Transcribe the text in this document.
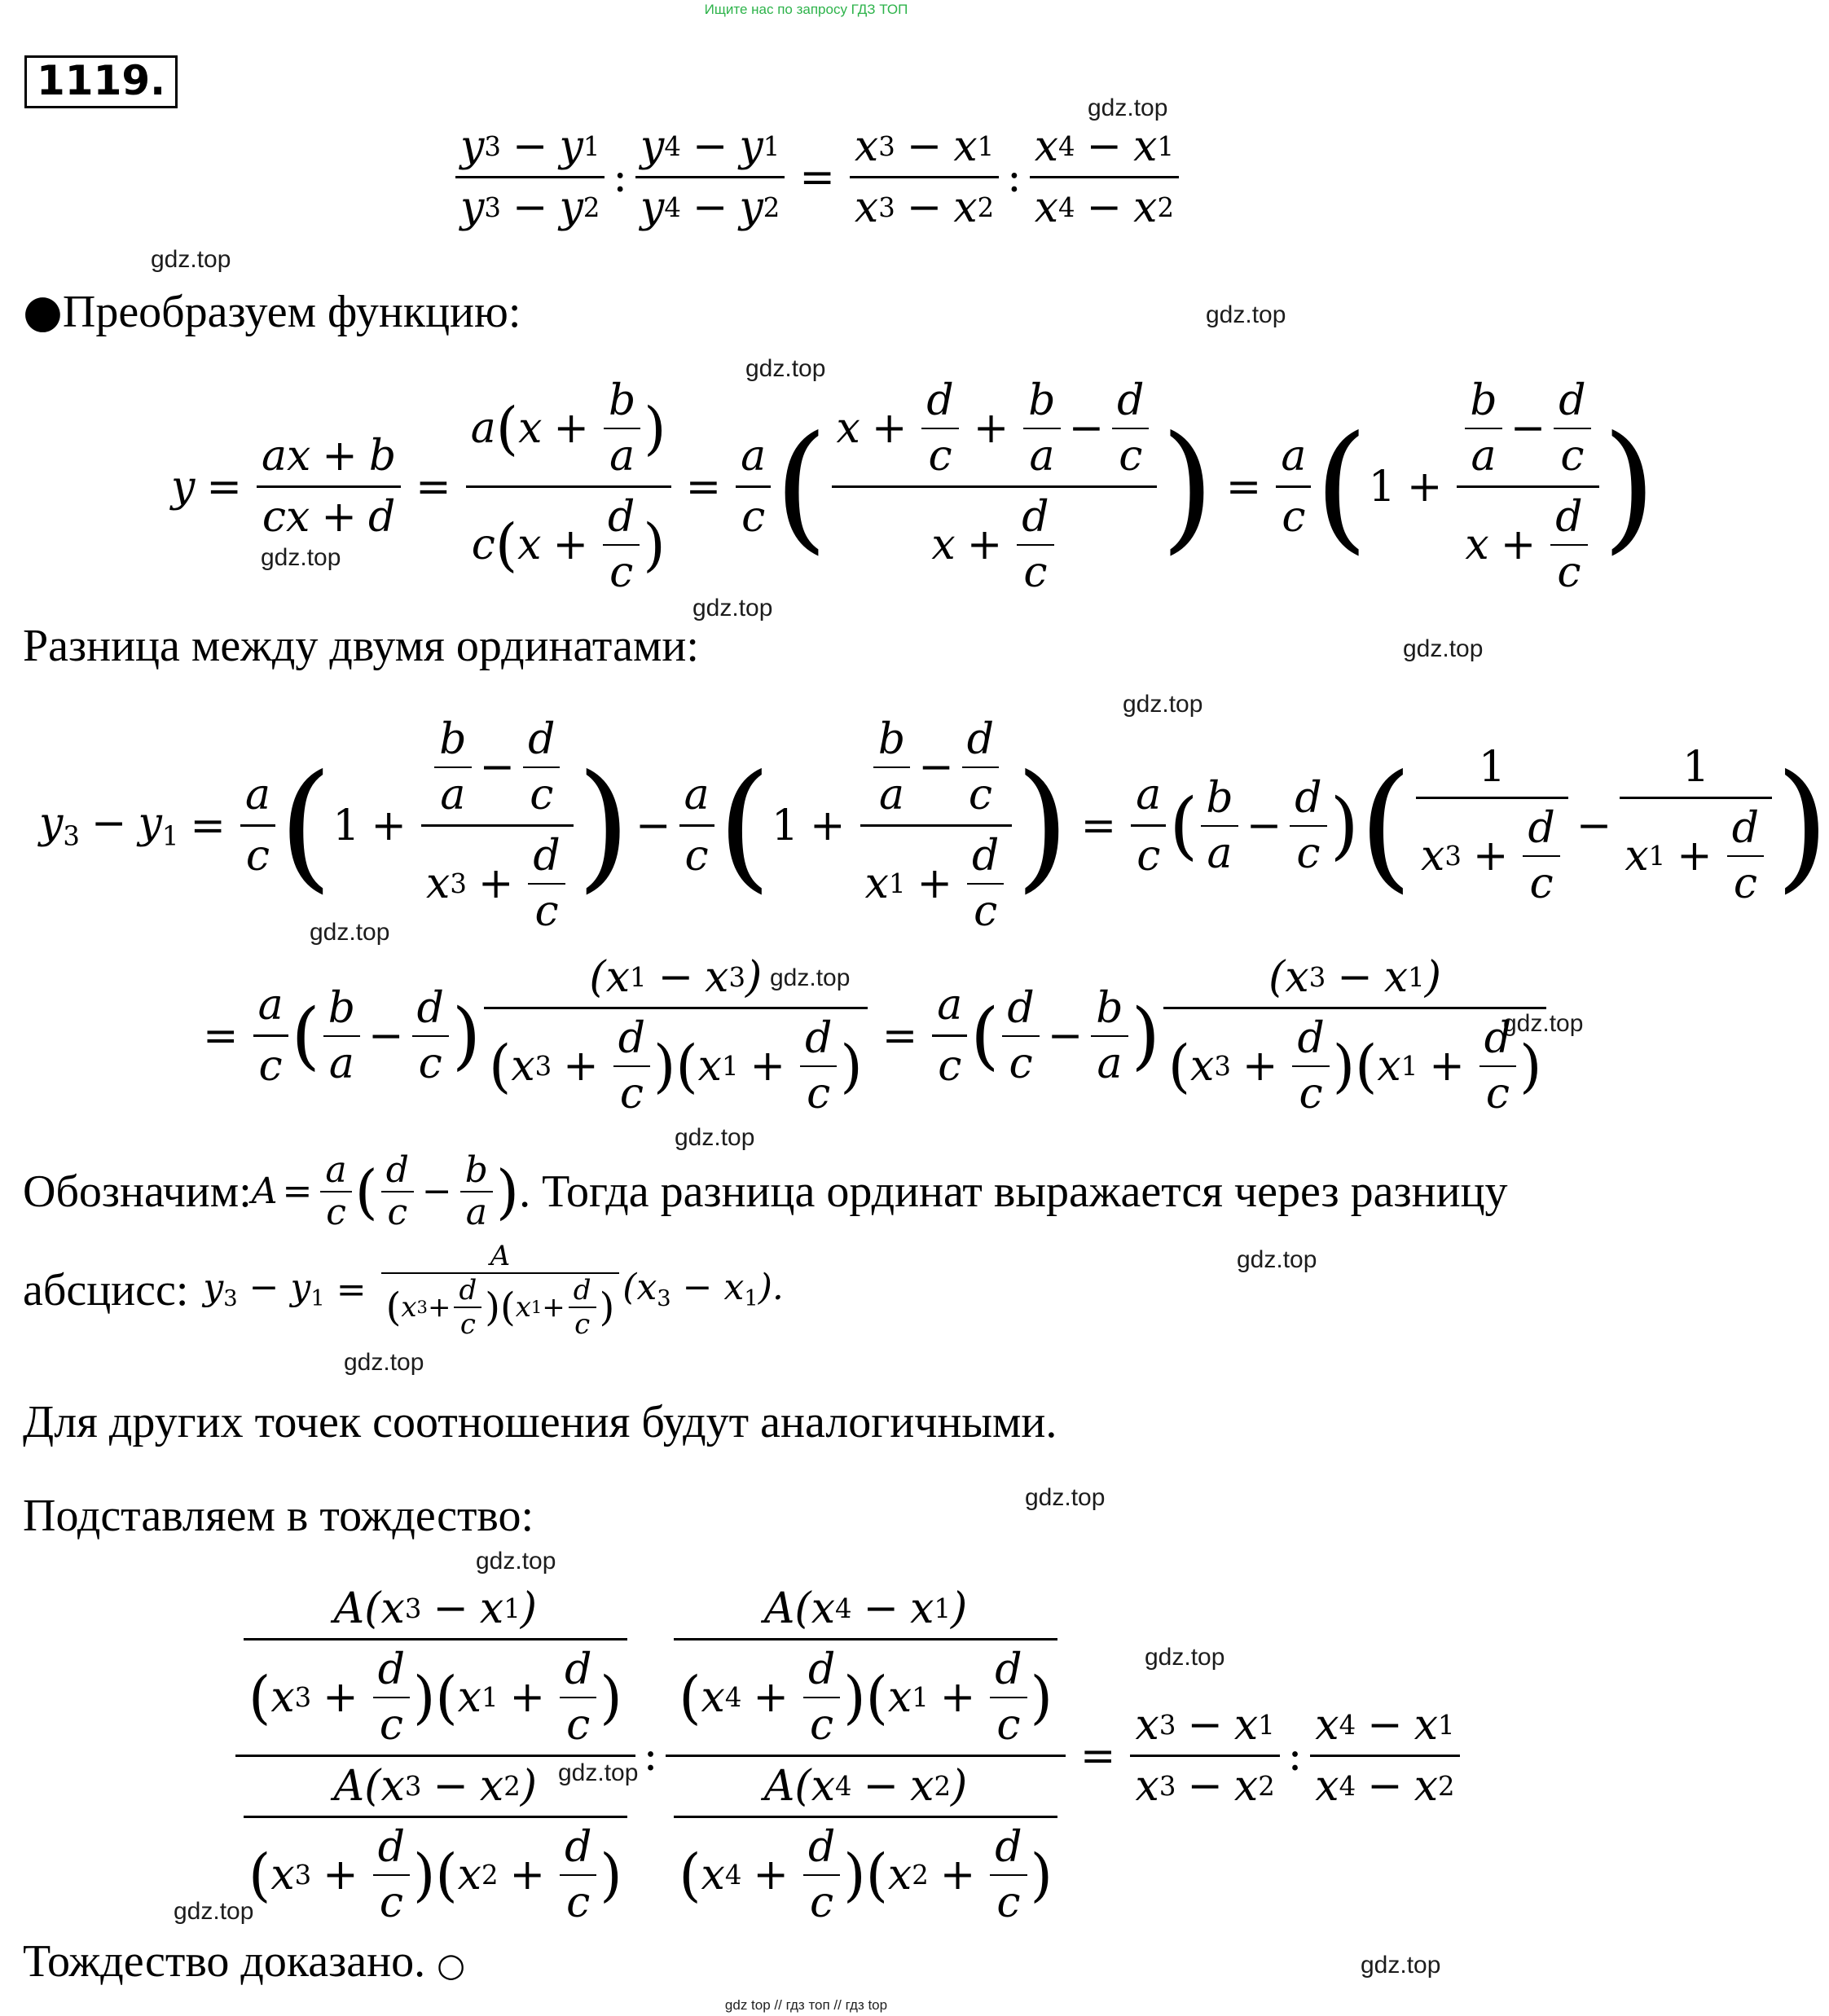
Ищите нас по запросу ГДЗ ТОП
1119.
gdz.top
gdz.top
gdz.top
gdz.top
gdz.top
gdz.top
gdz.top
gdz.top
gdz.top
gdz.top
gdz.top
gdz.top
gdz.top
gdz.top
gdz.top
gdz.top
gdz.top
gdz.top
gdz.top
gdz.top
$\frac{y 3 - y 1}{y 3 - y 2}$ : $\frac{y 4 - y 1}{y 4 - y 2} = \frac{x 3 - x 1}{x 3 - x 2}$ : $\frac{x 4 - x 1}{x 4 - x 2}$
●Преобразуем функцию:
$y = \frac{ax + b}{cx + d} = \frac{a ( x + \frac{b}{a} )}{c ( x + \frac{d}{c} )} = \frac{a}{c}$ ( $\frac{x + \frac{d}{c} + \frac{b}{a} - \frac{d}{c}}{x + \frac{d}{c}}$ ) = $\frac{a}{c}$ ( $1 + \frac{\frac{b}{a} - \frac{d}{c}}{x + \frac{d}{c}}$ )
Разница между двумя ординатами:
$y_3 - y_1 = \frac{a}{c}$ ( $1 + \frac{\frac{b}{a} - \frac{d}{c}}{x 3 + \frac{d}{c}}$ ) − $\frac{a}{c}$ ( $1 + \frac{\frac{b}{a} - \frac{d}{c}}{x 1 + \frac{d}{c}}$ ) = $\frac{a}{c}$ ( $\frac{b}{a} - \frac{d}{c}$ ) ( $\frac{1}{x 3 + \frac{d}{c}} - \frac{1}{x 1 + \frac{d}{c}}$ )
= $\frac{a}{c}$ ( $\frac{b}{a} - \frac{d}{c}$ ) $\frac{(x 1 - x 3 )}{( x 3 + \frac{d}{c} ) ( x 1 + \frac{d}{c} )} = \frac{a}{c}$ ( $\frac{d}{c} - \frac{b}{a}$ ) $\frac{(x 3 - x 1 )}{( x 3 + \frac{d}{c} ) ( x 1 + \frac{d}{c} )}$
Обозначим: $A = \frac{a}{c}$ ( $\frac{d}{c} - \frac{b}{a}$ ) . Тогда разница ординат выражается через разницу
абсцисс: $y_3 - y_1 = \frac{A}{( x 3 + \frac{d}{c} ) ( x 1 + \frac{d}{c} )} (x_3 - x_1)$.
Для других точек соотношения будут аналогичными.
Подставляем в тождество:
$\frac{\frac{A(x 3 - x 1 )}{( x 3 + \frac{d}{c} ) ( x 1 + \frac{d}{c} )}}{\frac{A(x 3 - x 2 )}{( x 3 + \frac{d}{c} ) ( x 2 + \frac{d}{c} )}}$ : $\frac{\frac{A(x 4 - x 1 )}{( x 4 + \frac{d}{c} ) ( x 1 + \frac{d}{c} )}}{\frac{A(x 4 - x 2 )}{( x 4 + \frac{d}{c} ) ( x 2 + \frac{d}{c} )}} = \frac{x 3 - x 1}{x 3 - x 2}$ : $\frac{x 4 - x 1}{x 4 - x 2}$
Тождество доказано. ○
gdz top // гдз топ // гдз top
